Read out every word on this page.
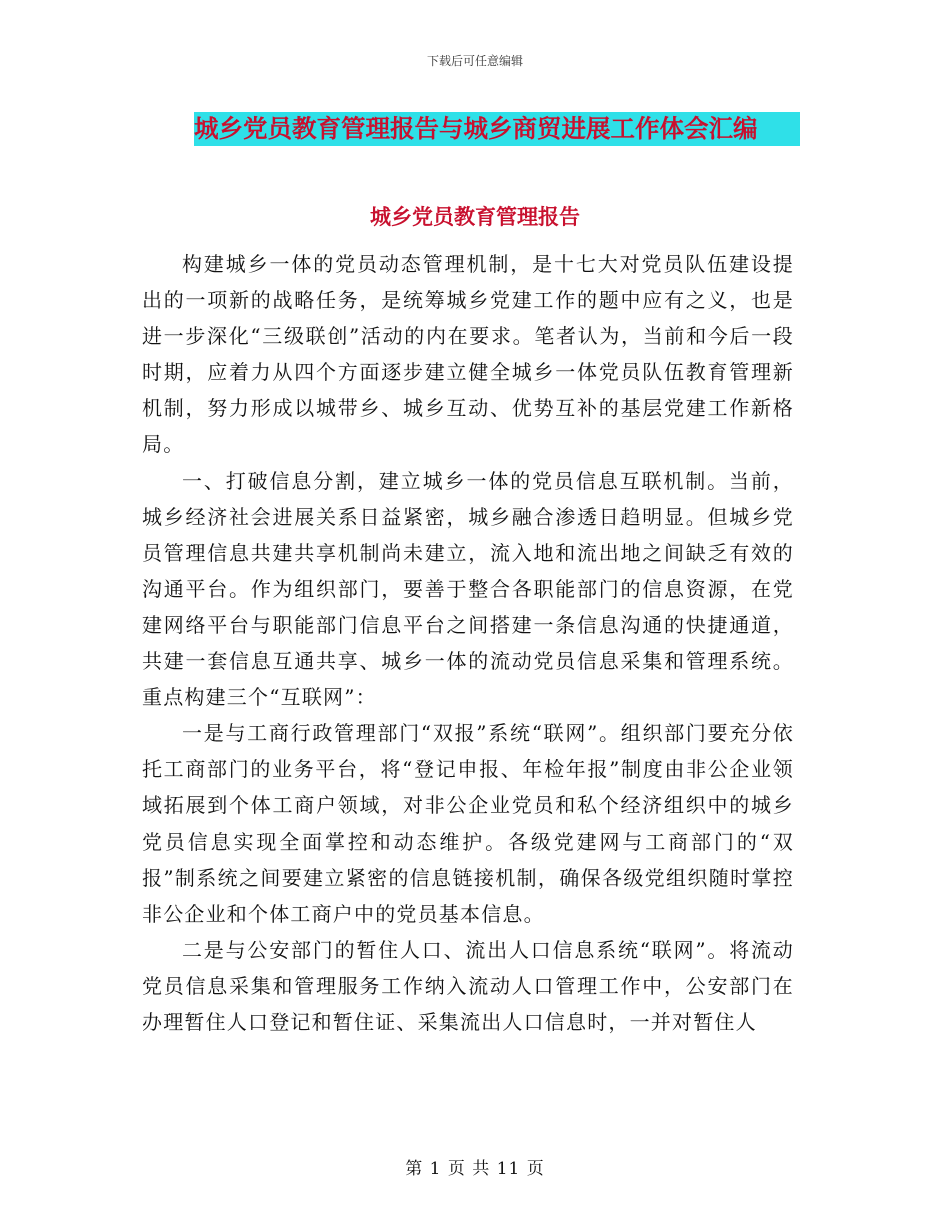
下载后可任意编辑
城乡党员教育管理报告与城乡商贸进展工作体会汇编
城乡党员教育管理报告

构建城乡一体的党员动态管理机制，是十七大对党员队伍建设提出的一项新的战略任务，是统筹城乡党建工作的题中应有之义，也是进一步深化“三级联创”活动的内在要求。笔者认为，当前和今后一段时期，应着力从四个方面逐步建立健全城乡一体党员队伍教育管理新机制，努力形成以城带乡、城乡互动、优势互补的基层党建工作新格局。

一、打破信息分割，建立城乡一体的党员信息互联机制。当前，城乡经济社会进展关系日益紧密，城乡融合渗透日趋明显。但城乡党员管理信息共建共享机制尚未建立，流入地和流出地之间缺乏有效的沟通平台。作为组织部门，要善于整合各职能部门的信息资源，在党建网络平台与职能部门信息平台之间搭建一条信息沟通的快捷通道，共建一套信息互通共享、城乡一体的流动党员信息采集和管理系统。重点构建三个“互联网”：

一是与工商行政管理部门“双报”系统“联网”。组织部门要充分依托工商部门的业务平台，将“登记申报、年检年报”制度由非公企业领域拓展到个体工商户领域，对非公企业党员和私个经济组织中的城乡党员信息实现全面掌控和动态维护。各级党建网与工商部门的“双报”制系统之间要建立紧密的信息链接机制，确保各级党组织随时掌控非公企业和个体工商户中的党员基本信息。

二是与公安部门的暂住人口、流出人口信息系统“联网”。将流动党员信息采集和管理服务工作纳入流动人口管理工作中，公安部门在办理暂住人口登记和暂住证、采集流出人口信息时，一并对暂住人

第 1 页 共 11 页
